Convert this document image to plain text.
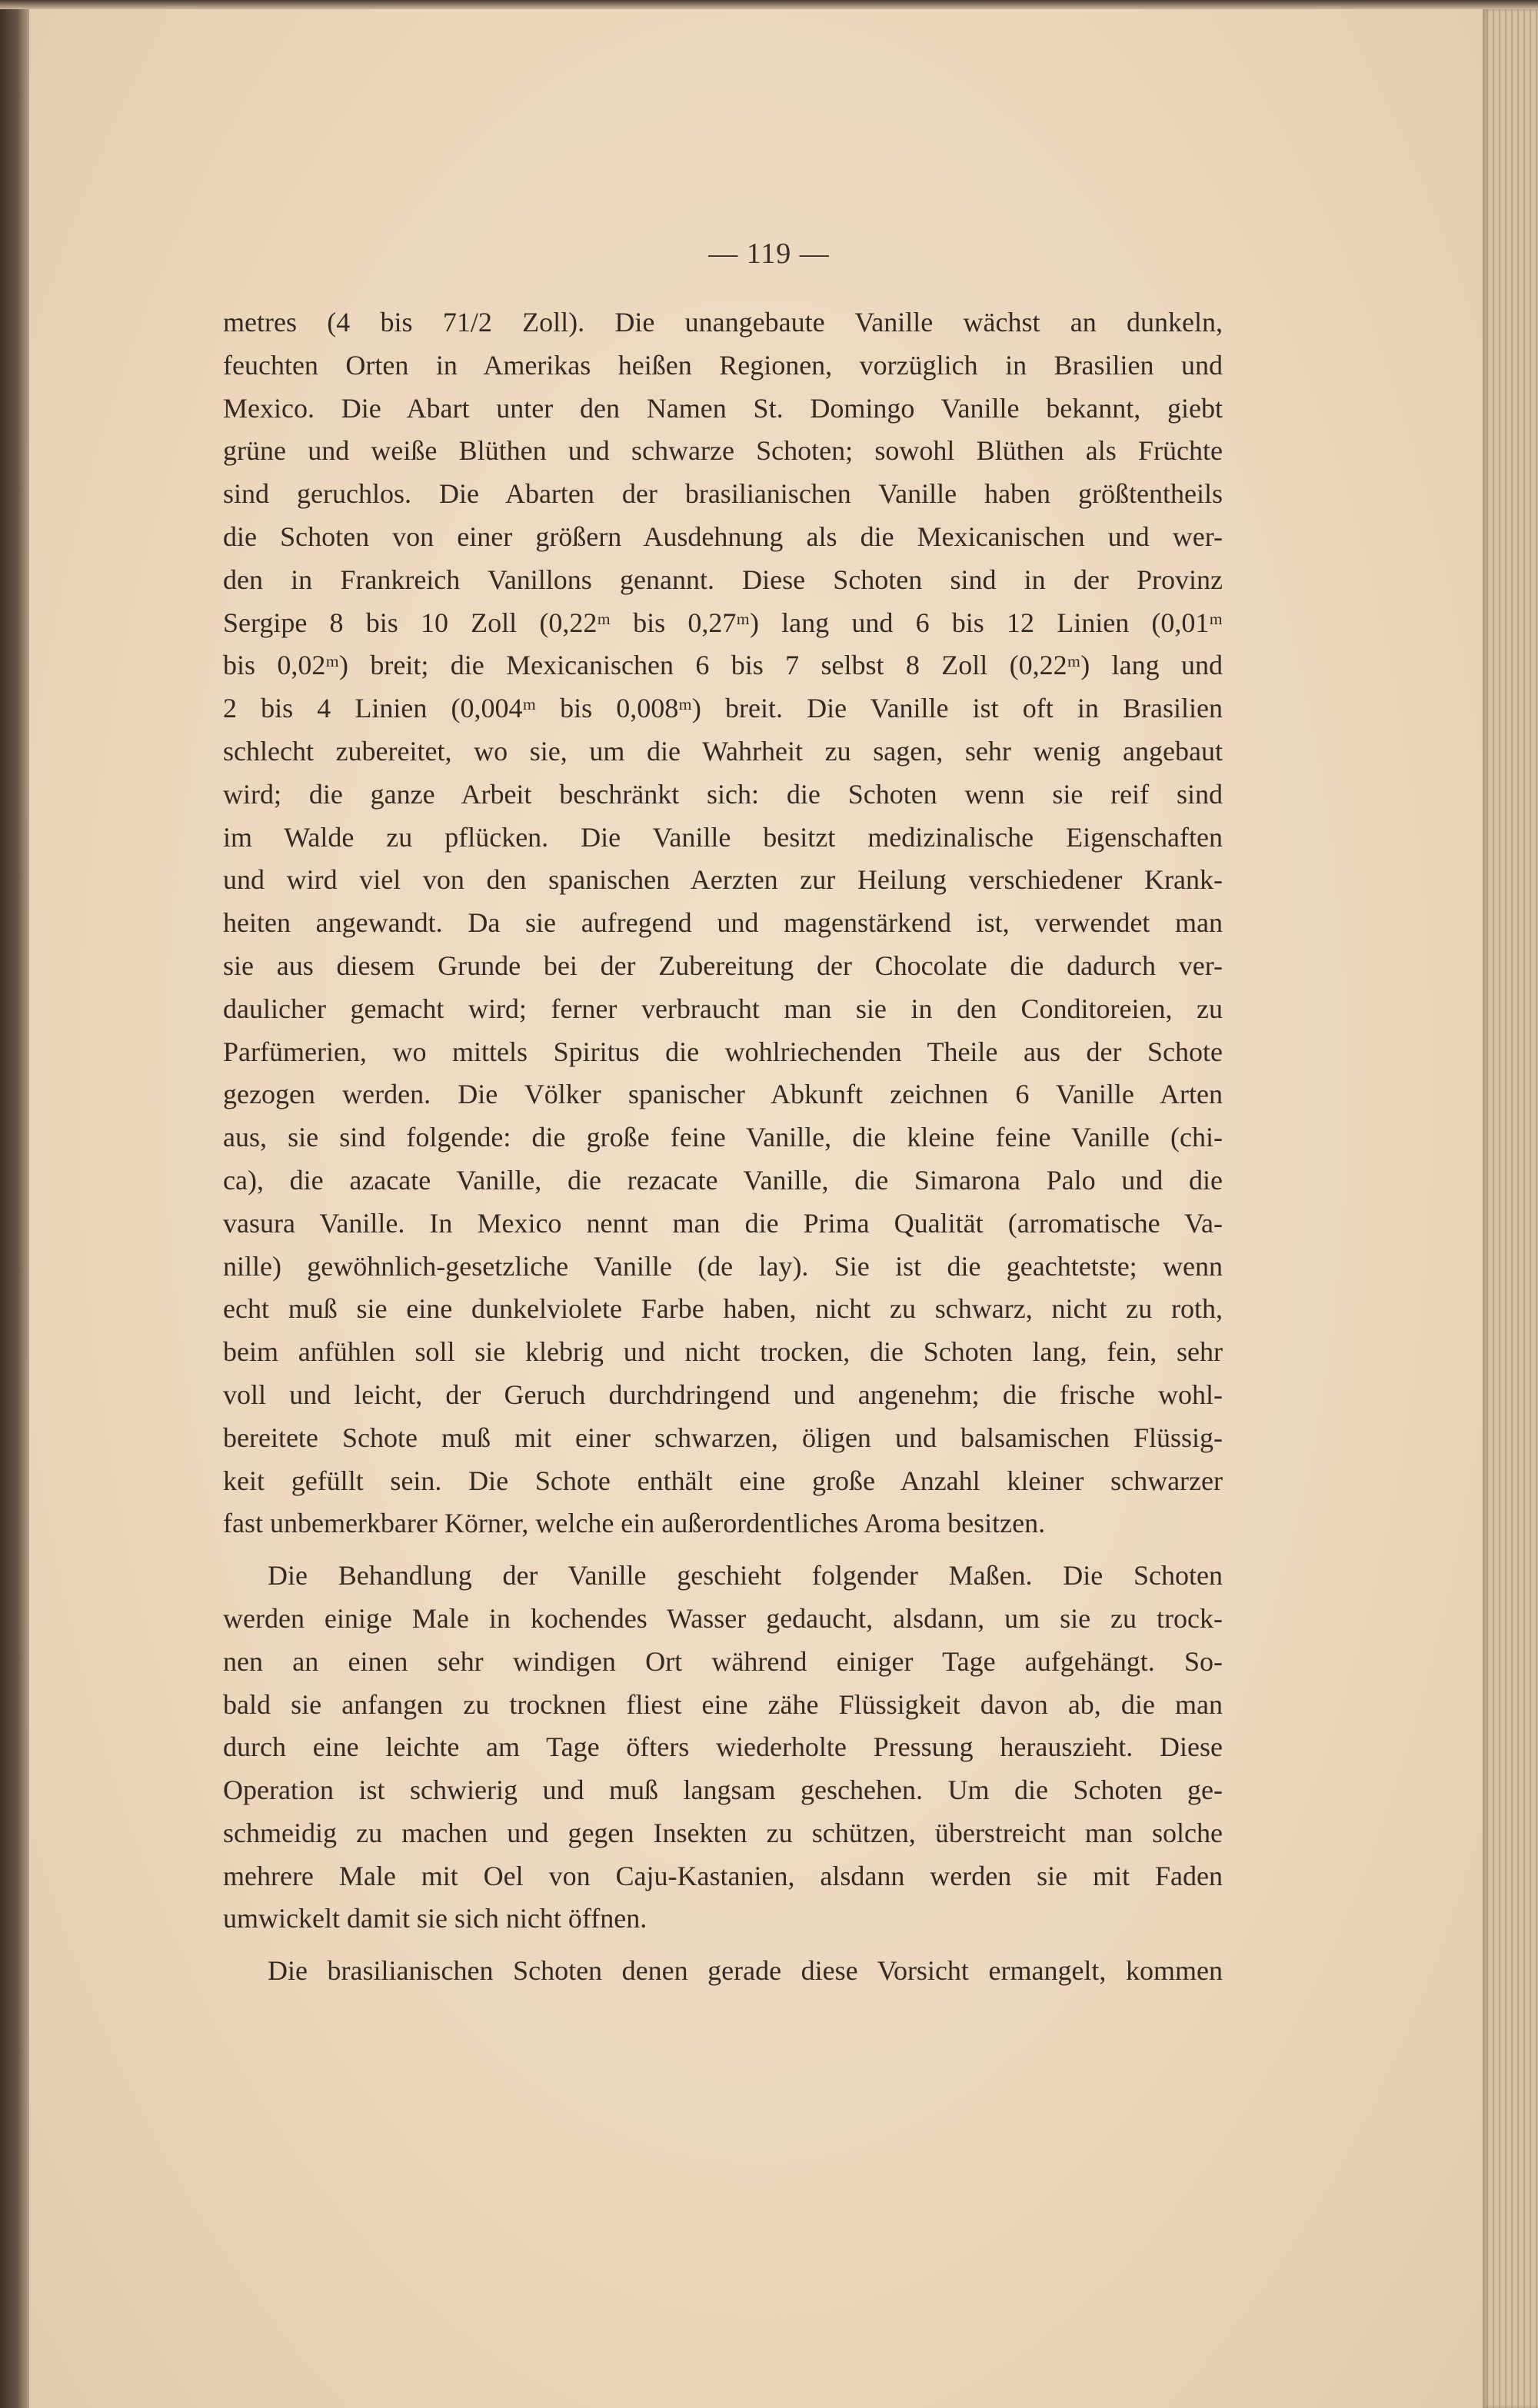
— 119 —
metres (4 bis 71/2 Zoll). Die unangebaute Vanille wächst an dunkeln,
feuchten Orten in Amerikas heißen Regionen, vorzüglich in Brasilien und
Mexico. Die Abart unter den Namen St. Domingo Vanille bekannt, giebt
grüne und weiße Blüthen und schwarze Schoten; sowohl Blüthen als Früchte
sind geruchlos. Die Abarten der brasilianischen Vanille haben größtentheils
die Schoten von einer größern Ausdehnung als die Mexicanischen und wer-
den in Frankreich Vanillons genannt. Diese Schoten sind in der Provinz
Sergipe 8 bis 10 Zoll (0,22ᵐ bis 0,27ᵐ) lang und 6 bis 12 Linien (0,01ᵐ
bis 0,02ᵐ) breit; die Mexicanischen 6 bis 7 selbst 8 Zoll (0,22ᵐ) lang und
2 bis 4 Linien (0,004ᵐ bis 0,008ᵐ) breit. Die Vanille ist oft in Brasilien
schlecht zubereitet, wo sie, um die Wahrheit zu sagen, sehr wenig angebaut
wird; die ganze Arbeit beschränkt sich: die Schoten wenn sie reif sind
im Walde zu pflücken. Die Vanille besitzt medizinalische Eigenschaften
und wird viel von den spanischen Aerzten zur Heilung verschiedener Krank-
heiten angewandt. Da sie aufregend und magenstärkend ist, verwendet man
sie aus diesem Grunde bei der Zubereitung der Chocolate die dadurch ver-
daulicher gemacht wird; ferner verbraucht man sie in den Conditoreien, zu
Parfümerien, wo mittels Spiritus die wohlriechenden Theile aus der Schote
gezogen werden. Die Völker spanischer Abkunft zeichnen 6 Vanille Arten
aus, sie sind folgende: die große feine Vanille, die kleine feine Vanille (chi-
ca), die azacate Vanille, die rezacate Vanille, die Simarona Palo und die
vasura Vanille. In Mexico nennt man die Prima Qualität (arromatische Va-
nille) gewöhnlich-gesetzliche Vanille (de lay). Sie ist die geachtetste; wenn
echt muß sie eine dunkelviolete Farbe haben, nicht zu schwarz, nicht zu roth,
beim anfühlen soll sie klebrig und nicht trocken, die Schoten lang, fein, sehr
voll und leicht, der Geruch durchdringend und angenehm; die frische wohl-
bereitete Schote muß mit einer schwarzen, öligen und balsamischen Flüssig-
keit gefüllt sein. Die Schote enthält eine große Anzahl kleiner schwarzer
fast unbemerkbarer Körner, welche ein außerordentliches Aroma besitzen.
Die Behandlung der Vanille geschieht folgender Maßen. Die Schoten
werden einige Male in kochendes Wasser gedaucht, alsdann, um sie zu trock-
nen an einen sehr windigen Ort während einiger Tage aufgehängt. So-
bald sie anfangen zu trocknen fliest eine zähe Flüssigkeit davon ab, die man
durch eine leichte am Tage öfters wiederholte Pressung herauszieht. Diese
Operation ist schwierig und muß langsam geschehen. Um die Schoten ge-
schmeidig zu machen und gegen Insekten zu schützen, überstreicht man solche
mehrere Male mit Oel von Caju-Kastanien, alsdann werden sie mit Faden
umwickelt damit sie sich nicht öffnen.
Die brasilianischen Schoten denen gerade diese Vorsicht ermangelt, kommen
